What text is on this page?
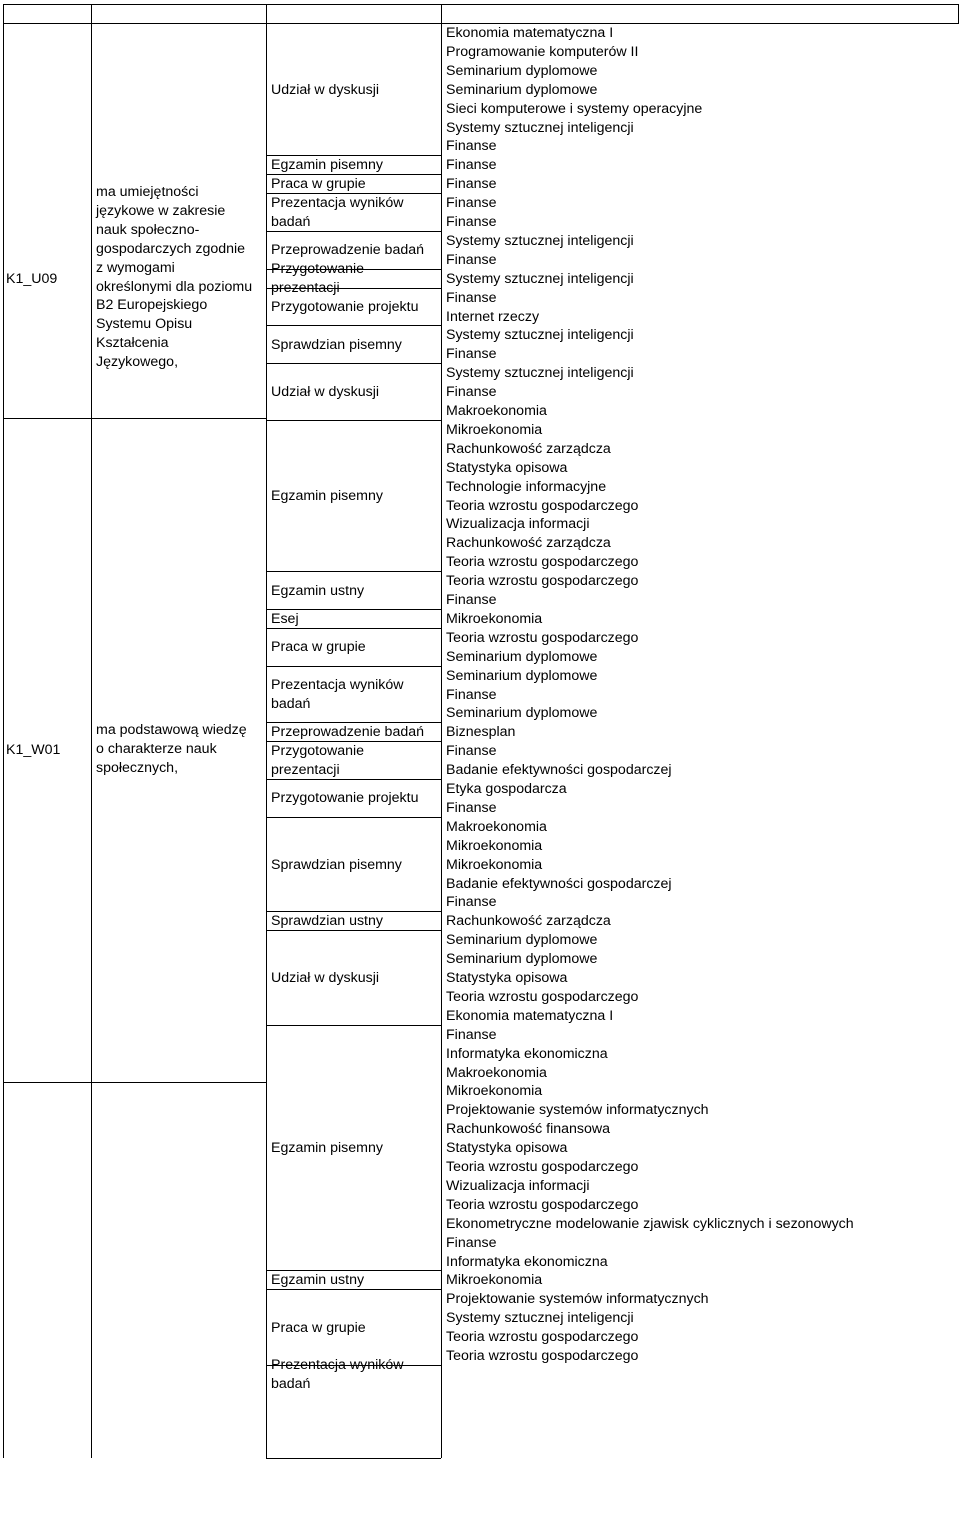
Ekonomia matematyczna I
Programowanie komputerów II
Seminarium dyplomowe
Seminarium dyplomowe
Sieci komputerowe i systemy operacyjne
Systemy sztucznej inteligencji
Finanse
Finanse
Finanse
Finanse
Finanse
Systemy sztucznej inteligencji
Finanse
Systemy sztucznej inteligencji
Finanse
Internet rzeczy
Systemy sztucznej inteligencji
Finanse
Systemy sztucznej inteligencji
Finanse
Makroekonomia
Mikroekonomia
Rachunkowość zarządcza
Statystyka opisowa
Technologie informacyjne
Teoria wzrostu gospodarczego
Wizualizacja informacji
Rachunkowość zarządcza
Teoria wzrostu gospodarczego
Teoria wzrostu gospodarczego
Finanse
Mikroekonomia
Teoria wzrostu gospodarczego
Seminarium dyplomowe
Seminarium dyplomowe
Finanse
Seminarium dyplomowe
Biznesplan
Finanse
Badanie efektywności gospodarczej
Etyka gospodarcza
Finanse
Makroekonomia
Mikroekonomia
Mikroekonomia
Badanie efektywności gospodarczej
Finanse
Rachunkowość zarządcza
Seminarium dyplomowe
Seminarium dyplomowe
Statystyka opisowa
Teoria wzrostu gospodarczego
Ekonomia matematyczna I
Finanse
Informatyka ekonomiczna
Makroekonomia
Mikroekonomia
Projektowanie systemów informatycznych
Rachunkowość finansowa
Statystyka opisowa
Teoria wzrostu gospodarczego
Wizualizacja informacji
Teoria wzrostu gospodarczego
Ekonometryczne modelowanie zjawisk cyklicznych i sezonowych
Finanse
Informatyka ekonomiczna
Mikroekonomia
Projektowanie systemów informatycznych
Systemy sztucznej inteligencji
Teoria wzrostu gospodarczego
Teoria wzrostu gospodarczego
Udział w dyskusji
Egzamin pisemny
Praca w grupie
Prezentacja wyników
badań
Przeprowadzenie badań
Przygotowanie
prezentacji
Przygotowanie projektu
Sprawdzian pisemny
Udział w dyskusji
Egzamin pisemny
Egzamin ustny
Esej
Praca w grupie
Prezentacja wyników
badań
Przeprowadzenie badań
Przygotowanie
prezentacji
Przygotowanie projektu
Sprawdzian pisemny
Sprawdzian ustny
Udział w dyskusji
Egzamin pisemny
Egzamin ustny
Praca w grupie
Prezentacja wyników
badań
K1_U09
ma umiejętności
językowe w zakresie
nauk społeczno-
gospodarczych zgodnie
z wymogami
określonymi dla poziomu
B2 Europejskiego
Systemu Opisu
Kształcenia
Językowego,
K1_W01
ma podstawową wiedzę
o charakterze nauk
społecznych,
